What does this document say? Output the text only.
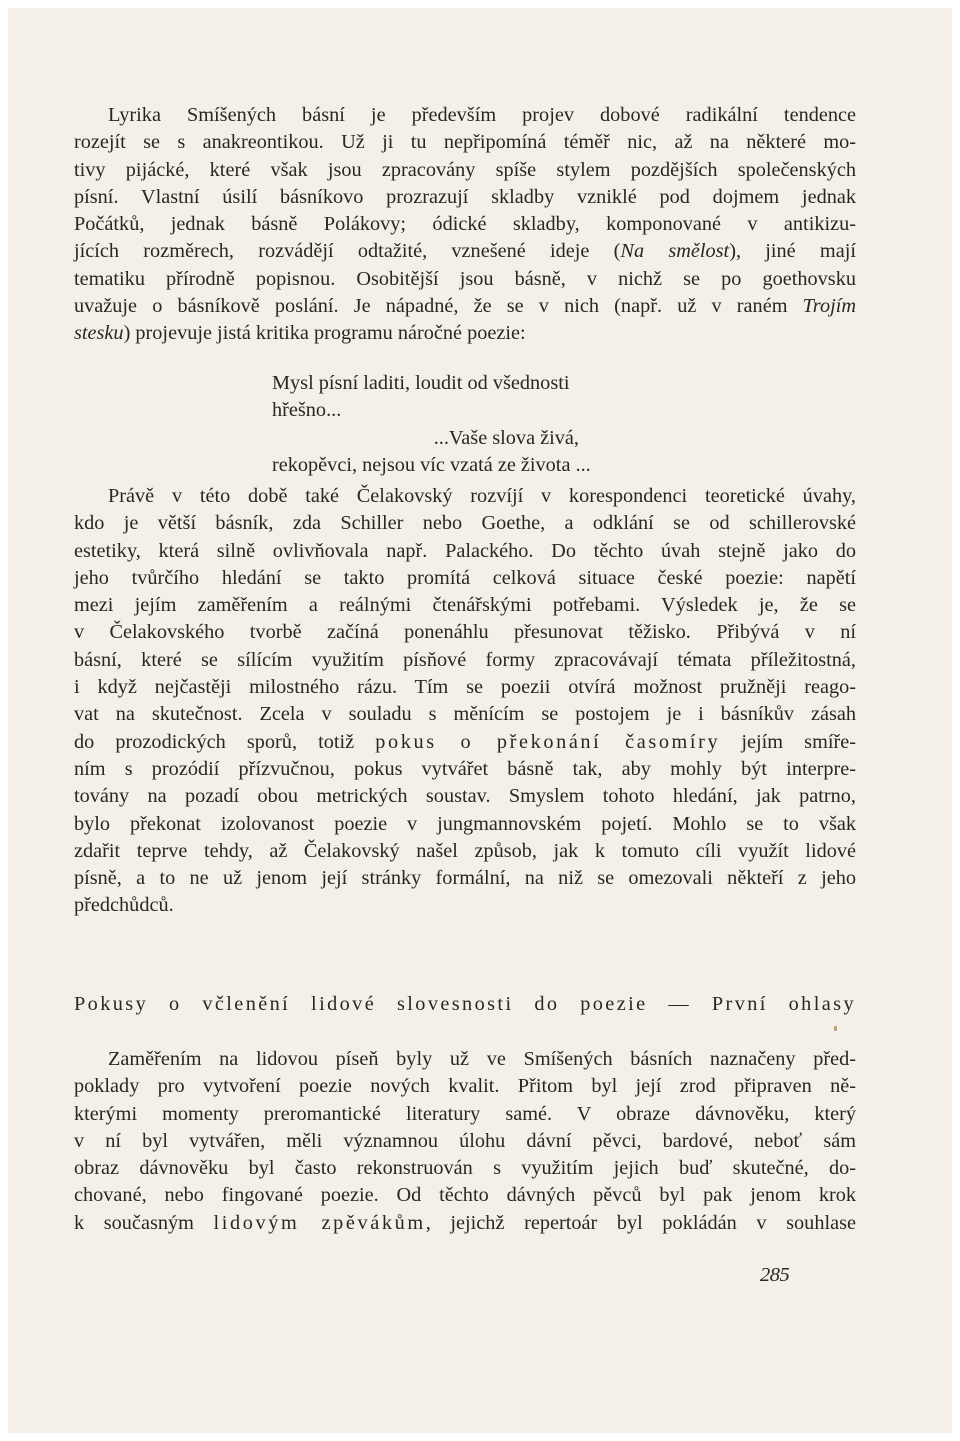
Lyrika Smíšených básní je především projev dobové radikální tendence
rozejít se s anakreontikou. Už ji tu nepřipomíná téměř nic, až na některé mo-
tivy pijácké, které však jsou zpracovány spíše stylem pozdějších společenských
písní. Vlastní úsilí básníkovo prozrazují skladby vzniklé pod dojmem jednak
Počátků, jednak básně Polákovy; ódické skladby, komponované v antikizu-
jících rozměrech, rozvádějí odtažité, vznešené ideje (Na smělost), jiné mají
tematiku přírodně popisnou. Osobitější jsou básně, v nichž se po goethovsku
uvažuje o básníkově poslání. Je nápadné, že se v nich (např. už v raném Trojím
stesku) projevuje jistá kritika programu náročné poezie:
Mysl písní laditi, loudit od všednosti
hřešno...
...Vaše slova živá,
rekopěvci, nejsou víc vzatá ze života ...
Právě v této době také Čelakovský rozvíjí v korespondenci teoretické úvahy,
kdo je větší básník, zda Schiller nebo Goethe, a odklání se od schillerovské
estetiky, která silně ovlivňovala např. Palackého. Do těchto úvah stejně jako do
jeho tvůrčího hledání se takto promítá celková situace české poezie: napětí
mezi jejím zaměřením a reálnými čtenářskými potřebami. Výsledek je, že se
v Čelakovského tvorbě začíná ponenáhlu přesunovat těžisko. Přibývá v ní
básní, které se sílícím využitím písňové formy zpracovávají témata příležitostná,
i když nejčastěji milostného rázu. Tím se poezii otvírá možnost pružněji reago-
vat na skutečnost. Zcela v souladu s měnícím se postojem je i básníkův zásah
do prozodických sporů, totiž pokus o překonání časomíry jejím smíře-
ním s prozódií přízvučnou, pokus vytvářet básně tak, aby mohly být interpre-
továny na pozadí obou metrických soustav. Smyslem tohoto hledání, jak patrno,
bylo překonat izolovanost poezie v jungmannovském pojetí. Mohlo se to však
zdařit teprve tehdy, až Čelakovský našel způsob, jak k tomuto cíli využít lidové
písně, a to ne už jenom její stránky formální, na niž se omezovali někteří z jeho
předchůdců.
Pokusy o včlenění lidové slovesnosti do poezie — První ohlasy
Zaměřením na lidovou píseň byly už ve Smíšených básních naznačeny před-
poklady pro vytvoření poezie nových kvalit. Přitom byl její zrod připraven ně-
kterými momenty preromantické literatury samé. V obraze dávnověku, který
v ní byl vytvářen, měli významnou úlohu dávní pěvci, bardové, neboť sám
obraz dávnověku byl často rekonstruován s využitím jejich buď skutečné, do-
chované, nebo fingované poezie. Od těchto dávných pěvců byl pak jenom krok
k současným lidovým zpěvákům, jejichž repertoár byl pokládán v souhlase
285
